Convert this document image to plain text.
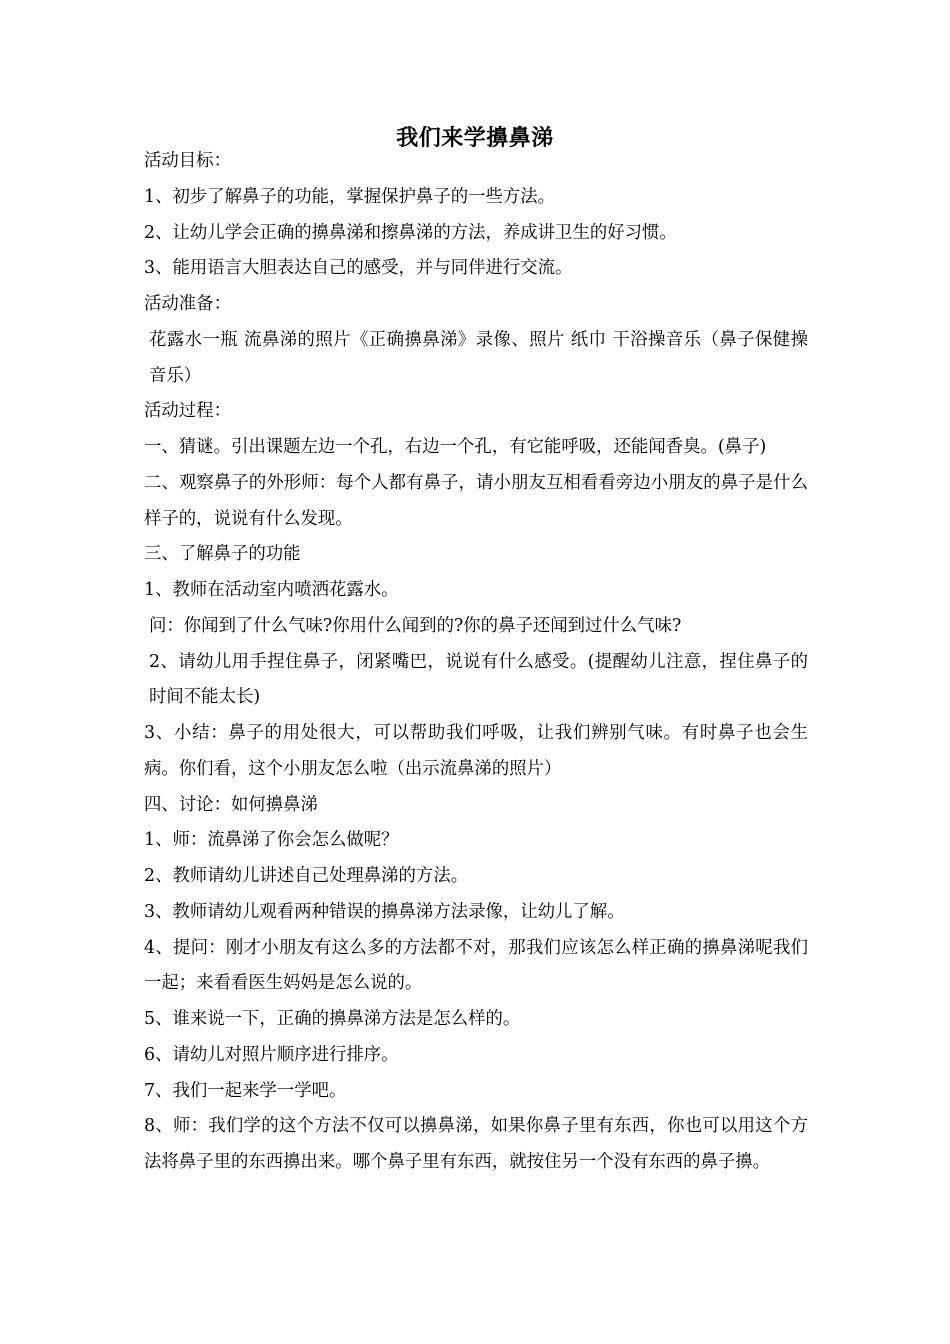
我们来学擤鼻涕

活动目标：

1、初步了解鼻子的功能，掌握保护鼻子的一些方法。

2、让幼儿学会正确的擤鼻涕和擦鼻涕的方法，养成讲卫生的好习惯。

3、能用语言大胆表达自己的感受，并与同伴进行交流。

活动准备：

花露水一瓶 流鼻涕的照片《正确擤鼻涕》录像、照片 纸巾 干浴操音乐（鼻子保健操音乐）

活动过程：

一、猜谜。引出课题左边一个孔，右边一个孔，有它能呼吸，还能闻香臭。(鼻子)

二、观察鼻子的外形师：每个人都有鼻子，请小朋友互相看看旁边小朋友的鼻子是什么样子的，说说有什么发现。

三、了解鼻子的功能

1、教师在活动室内喷洒花露水。

问：你闻到了什么气味?你用什么闻到的?你的鼻子还闻到过什么气味?

2、请幼儿用手捏住鼻子，闭紧嘴巴，说说有什么感受。(提醒幼儿注意，捏住鼻子的时间不能太长)

3、小结：鼻子的用处很大，可以帮助我们呼吸，让我们辨别气味。有时鼻子也会生病。你们看，这个小朋友怎么啦（出示流鼻涕的照片）

四、讨论：如何擤鼻涕

1、师：流鼻涕了你会怎么做呢？

2、教师请幼儿讲述自己处理鼻涕的方法。

3、教师请幼儿观看两种错误的擤鼻涕方法录像，让幼儿了解。

4、提问：刚才小朋友有这么多的方法都不对，那我们应该怎么样正确的擤鼻涕呢我们一起；来看看医生妈妈是怎么说的。

5、谁来说一下，正确的擤鼻涕方法是怎么样的。

6、请幼儿对照片顺序进行排序。

7、我们一起来学一学吧。

8、师：我们学的这个方法不仅可以擤鼻涕，如果你鼻子里有东西，你也可以用这个方法将鼻子里的东西擤出来。哪个鼻子里有东西，就按住另一个没有东西的鼻子擤。
